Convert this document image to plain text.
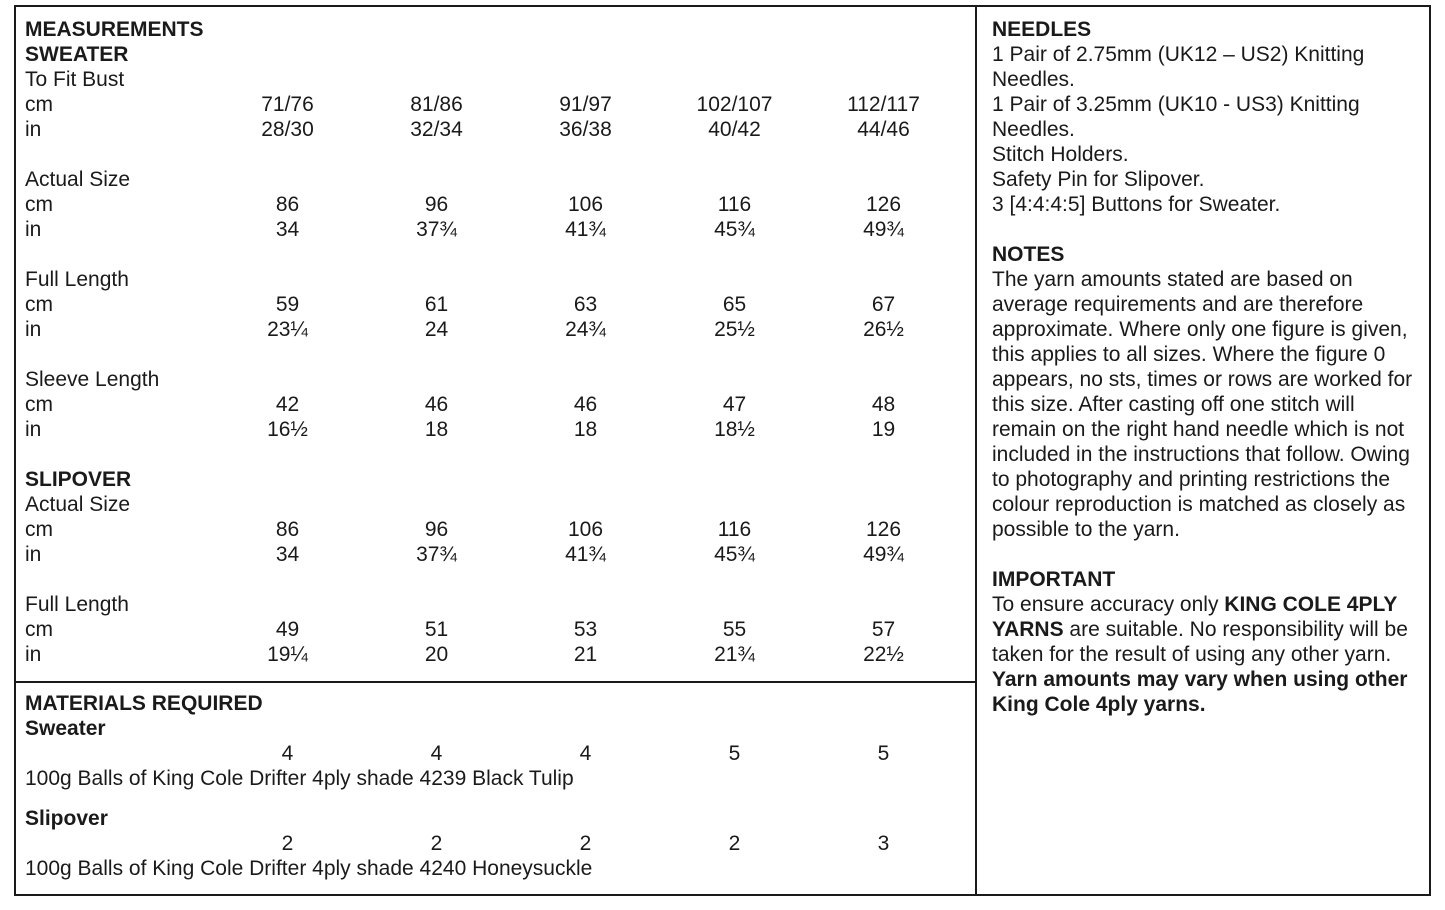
MEASUREMENTS
SWEATER
To Fit Bust
cm	71/76	81/86	91/97	102/107	112/117
in	28/30	32/34	36/38	40/42	44/46
Actual Size
cm	86	96	106	116	126
in	34	37¾	41¾	45¾	49¾
Full Length
cm	59	61	63	65	67
in	23¼	24	24¾	25½	26½
Sleeve Length
cm	42	46	46	47	48
in	16½	18	18	18½	19
SLIPOVER
Actual Size
cm	86	96	106	116	126
in	34	37¾	41¾	45¾	49¾
Full Length
cm	49	51	53	55	57
in	19¼	20	21	21¾	22½
MATERIALS REQUIRED
Sweater
4	4	4	5	5
100g Balls of King Cole Drifter 4ply shade 4239 Black Tulip
Slipover
2	2	2	2	3
100g Balls of King Cole Drifter 4ply shade 4240 Honeysuckle
NEEDLES
1 Pair of 2.75mm (UK12 – US2) Knitting Needles.
1 Pair of 3.25mm (UK10 - US3) Knitting Needles.
Stitch Holders.
Safety Pin for Slipover.
3 [4:4:4:5] Buttons for Sweater.
NOTES
The yarn amounts stated are based on average requirements and are therefore approximate. Where only one figure is given, this applies to all sizes. Where the figure 0 appears, no sts, times or rows are worked for this size. After casting off one stitch will remain on the right hand needle which is not included in the instructions that follow. Owing to photography and printing restrictions the colour reproduction is matched as closely as possible to the yarn.
IMPORTANT
To ensure accuracy only KING COLE 4PLY YARNS are suitable. No responsibility will be taken for the result of using any other yarn.
Yarn amounts may vary when using other King Cole 4ply yarns.
